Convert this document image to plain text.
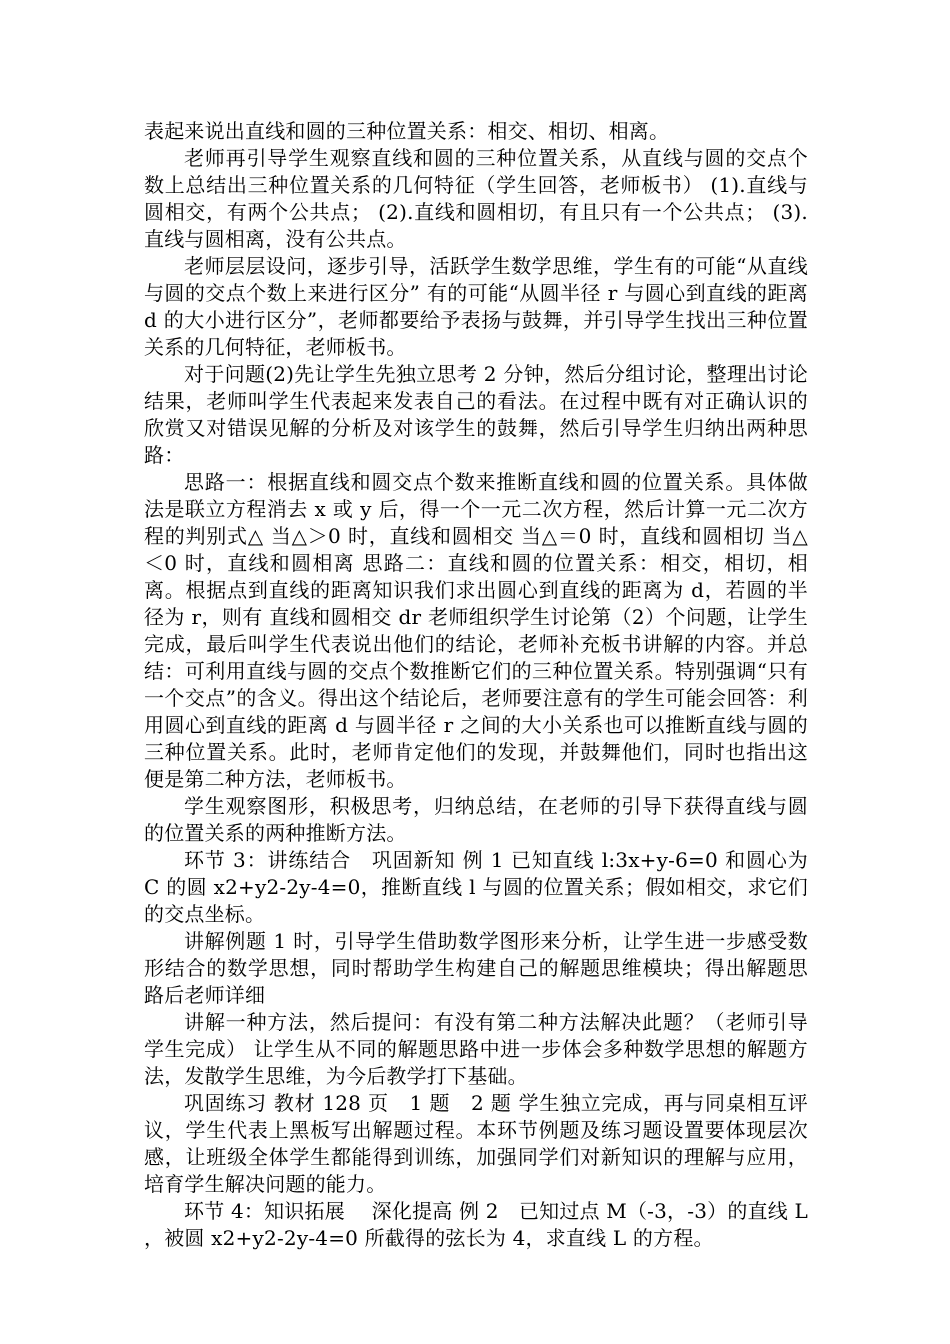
表起来说出直线和圆的三种位置关系：相交、相切、相离。

老师再引导学生观察直线和圆的三种位置关系，从直线与圆的交点个数上总结出三种位置关系的几何特征（学生回答，老师板书） (1).直线与圆相交，有两个公共点； (2).直线和圆相切，有且只有一个公共点； (3).直线与圆相离，没有公共点。

老师层层设问，逐步引导，活跃学生数学思维，学生有的可能“从直线与圆的交点个数上来进行区分” 有的可能“从圆半径 r 与圆心到直线的距离 d 的大小进行区分”，老师都要给予表扬与鼓舞，并引导学生找出三种位置关系的几何特征，老师板书。

对于问题(2)先让学生先独立思考 2 分钟，然后分组讨论，整理出讨论结果，老师叫学生代表起来发表自己的看法。在过程中既有对正确认识的欣赏又对错误见解的分析及对该学生的鼓舞，然后引导学生归纳出两种思路：

思路一：根据直线和圆交点个数来推断直线和圆的位置关系。具体做法是联立方程消去 x 或 y 后，得一个一元二次方程，然后计算一元二次方程的判别式△ 当△＞0 时，直线和圆相交 当△＝0 时，直线和圆相切 当△＜0 时，直线和圆相离 思路二：直线和圆的位置关系：相交，相切，相离。根据点到直线的距离知识我们求出圆心到直线的距离为 d，若圆的半径为 r，则有 直线和圆相交 dr 老师组织学生讨论第（2）个问题，让学生完成，最后叫学生代表说出他们的结论，老师补充板书讲解的内容。并总结：可利用直线与圆的交点个数推断它们的三种位置关系。特别强调“只有一个交点”的含义。得出这个结论后，老师要注意有的学生可能会回答：利用圆心到直线的距离 d 与圆半径 r 之间的大小关系也可以推断直线与圆的三种位置关系。此时，老师肯定他们的发现，并鼓舞他们，同时也指出这便是第二种方法，老师板书。

学生观察图形，积极思考，归纳总结，在老师的引导下获得直线与圆的位置关系的两种推断方法。

环节 3：讲练结合　巩固新知 例 1 已知直线 l:3x+y-6=0 和圆心为 C 的圆 x2+y2-2y-4=0，推断直线 l 与圆的位置关系；假如相交，求它们的交点坐标。

讲解例题 1 时，引导学生借助数学图形来分析，让学生进一步感受数形结合的数学思想，同时帮助学生构建自己的解题思维模块；得出解题思路后老师详细

讲解一种方法，然后提问：有没有第二种方法解决此题？（老师引导学生完成） 让学生从不同的解题思路中进一步体会多种数学思想的解题方法，发散学生思维，为今后教学打下基础。

巩固练习 教材 128 页　1 题　2 题 学生独立完成，再与同桌相互评议，学生代表上黑板写出解题过程。本环节例题及练习题设置要体现层次感，让班级全体学生都能得到训练，加强同学们对新知识的理解与应用，培育学生解决问题的能力。

环节 4：知识拓展　 深化提高 例 2　已知过点 M（-3，-3）的直线 L ，被圆 x2+y2-2y-4=0 所截得的弦长为 4，求直线 L 的方程。
